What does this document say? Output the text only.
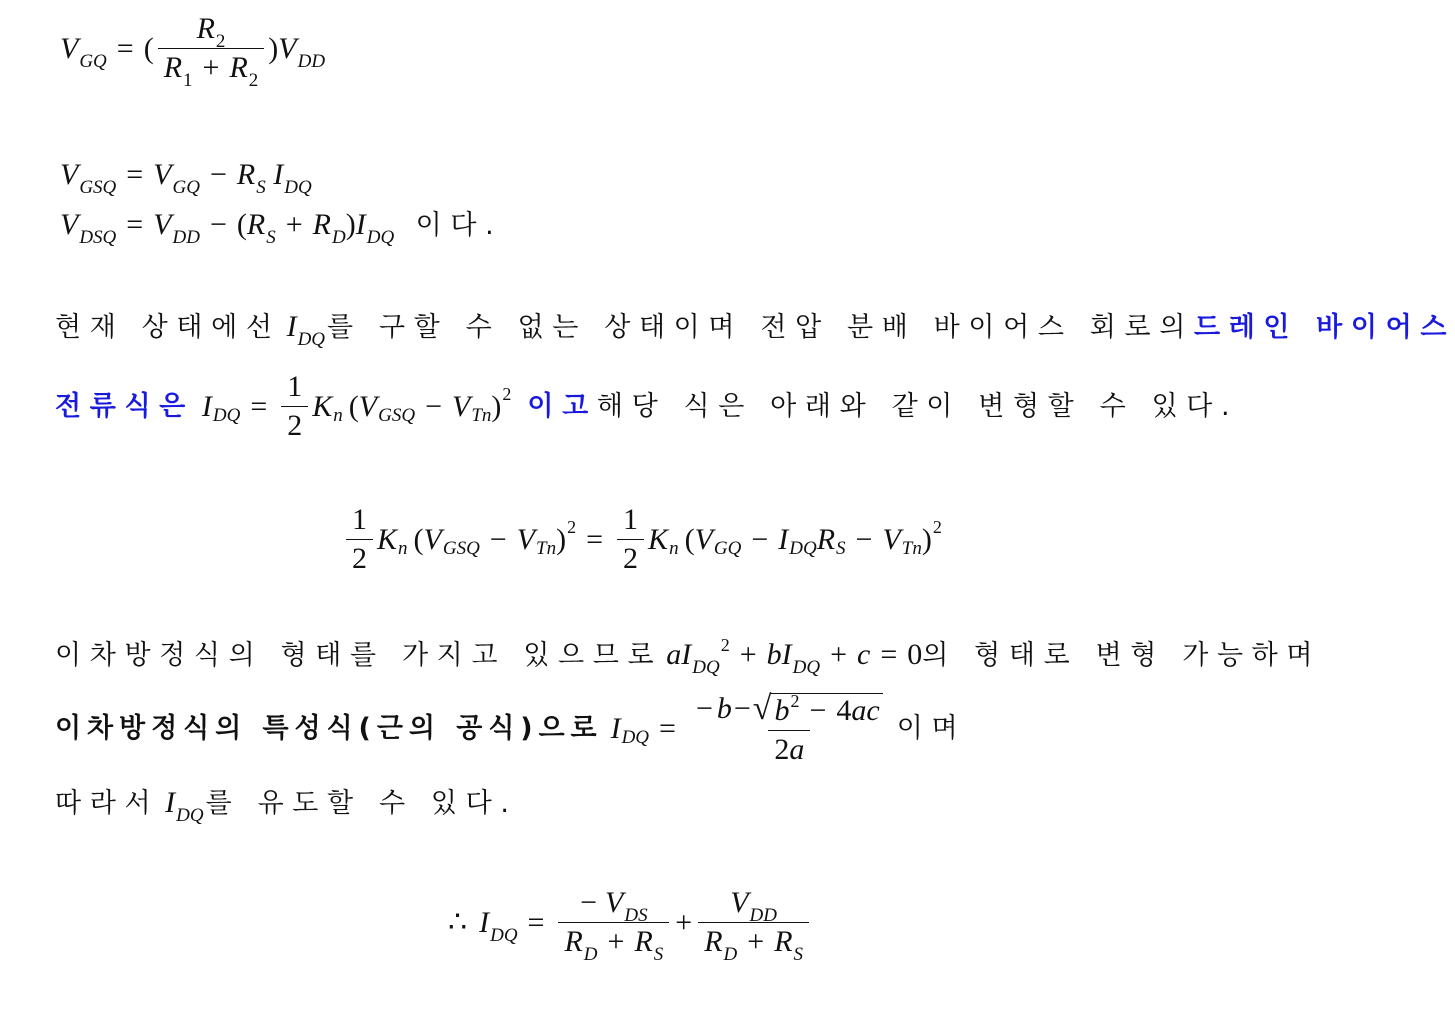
$V_{GQ}$ = ( $\frac{R_2}{R_1 + R_2}$ ) $V_{DD}$
$V_{GSQ} = V_{GQ} - R_S$ $I_{DQ}$
$V_{DSQ} = V_{DD} - (R_S + R_D)I_{DQ}$ 이다.
현재 상태에선 $I_{DQ}$ 를 구할 수 없는 상태이며 전압 분배 바이어스 회로의 드레인 바이어스
전류식은 I DQ = $\frac{1}{2}$ K n ( V GSQ − V Tn ) 2 이고 해당 식은 아래와 같이 변형할 수 있다.
$\frac{1}{2}$ K n ( V GSQ − V Tn ) $2 = \frac{1}{2}$ K n ( V GQ − I DQ R S − V Tn ) 2
이차방정식의 형태를 가지고 있으므로 $aI_{DQ}^2 + bI_{DQ} + c = 0$ 의 형태로 변형 가능하며
이차방정식의 특성식(근의 공식)으로 I DQ = $\frac{- b - √ b^2 - 4ac}{2a}$ 이며
따라서 $I_{DQ}$ 를 유도할 수 있다.
∴ $I_{DQ} = \frac{- V_{DS}}{R_D + R_S} + \frac{V_{DD}}{R_D + R_S}$
